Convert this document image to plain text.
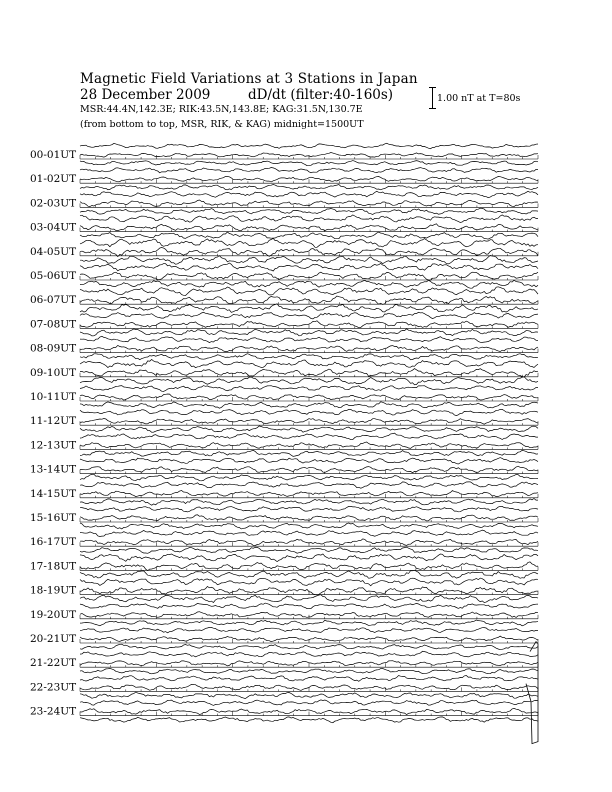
Magnetic Field Variations at 3 Stations in Japan
28 December 2009	dD/dt (filter:40-160s)
MSR:44.4N,142.3E; RIK:43.5N,143.8E; KAG:31.5N,130.7E
(from bottom to top, MSR, RIK, & KAG) midnight=1500UT
1.00 nT at T=80s
00-01UT
01-02UT
02-03UT
03-04UT
04-05UT
05-06UT
06-07UT
07-08UT
08-09UT
09-10UT
10-11UT
11-12UT
12-13UT
13-14UT
14-15UT
15-16UT
16-17UT
17-18UT
18-19UT
19-20UT
20-21UT
21-22UT
22-23UT
23-24UT
